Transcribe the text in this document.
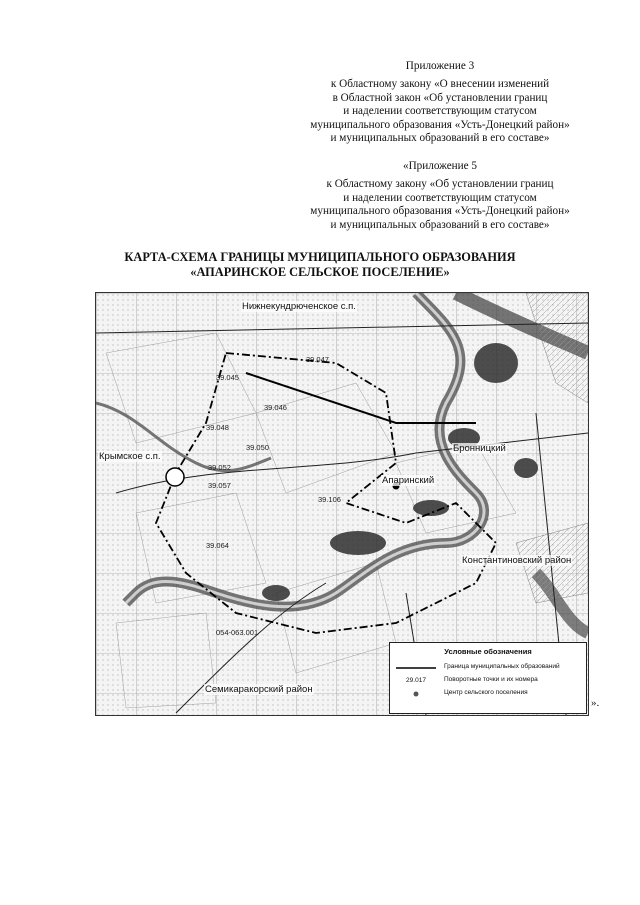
Приложение 3
к Областному закону «О внесении изменений
в Областной закон «Об установлении границ
и наделении соответствующим статусом
муниципального образования «Усть-Донецкий район»
и муниципальных образований в его составе»
«Приложение 5
к Областному закону «Об установлении границ
и наделении соответствующим статусом
муниципального образования «Усть-Донецкий район»
и муниципальных образований в его составе»
КАРТА-СХЕМА ГРАНИЦЫ МУНИЦИПАЛЬНОГО ОБРАЗОВАНИЯ
«АПАРИНСКОЕ СЕЛЬСКОЕ ПОСЕЛЕНИЕ»
Нижнекундрюченское с.п.
Крымское с.п.
Бронницкий
Апаринский
Константиновский район
Семикаракорский район
39.047
39.045
39.046
39.048
39.050
39.052
39.057
39.106
39.064
054-063.001
Условные обозначения
Граница муниципальных образований
29.017	Поворотные точки и их номера
Центр сельского поселения
».
